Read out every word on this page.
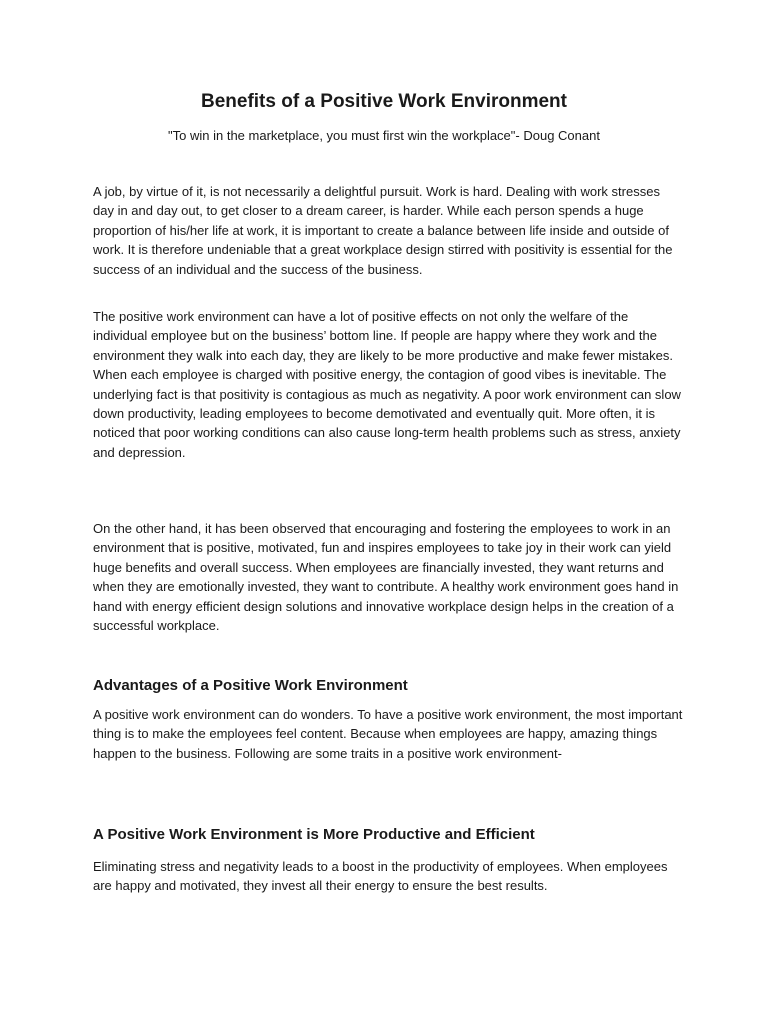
Benefits of a Positive Work Environment

"To win in the marketplace, you must first win the workplace"- Doug Conant

A job, by virtue of it, is not necessarily a delightful pursuit. Work is hard. Dealing with work stresses day in and day out, to get closer to a dream career, is harder. While each person spends a huge proportion of his/her life at work, it is important to create a balance between life inside and outside of work. It is therefore undeniable that a great workplace design stirred with positivity is essential for the success of an individual and the success of the business.

The positive work environment can have a lot of positive effects on not only the welfare of the individual employee but on the business’ bottom line. If people are happy where they work and the environment they walk into each day, they are likely to be more productive and make fewer mistakes. When each employee is charged with positive energy, the contagion of good vibes is inevitable. The underlying fact is that positivity is contagious as much as negativity. A poor work environment can slow down productivity, leading employees to become demotivated and eventually quit. More often, it is noticed that poor working conditions can also cause long-term health problems such as stress, anxiety and depression.

On the other hand, it has been observed that encouraging and fostering the employees to work in an environment that is positive, motivated, fun and inspires employees to take joy in their work can yield huge benefits and overall success. When employees are financially invested, they want returns and when they are emotionally invested, they want to contribute. A healthy work environment goes hand in hand with energy efficient design solutions and innovative workplace design helps in the creation of a successful workplace.

Advantages of a Positive Work Environment

A positive work environment can do wonders. To have a positive work environment, the most important thing is to make the employees feel content. Because when employees are happy, amazing things happen to the business. Following are some traits in a positive work environment-

A Positive Work Environment is More Productive and Efficient

Eliminating stress and negativity leads to a boost in the productivity of employees. When employees are happy and motivated, they invest all their energy to ensure the best results.
